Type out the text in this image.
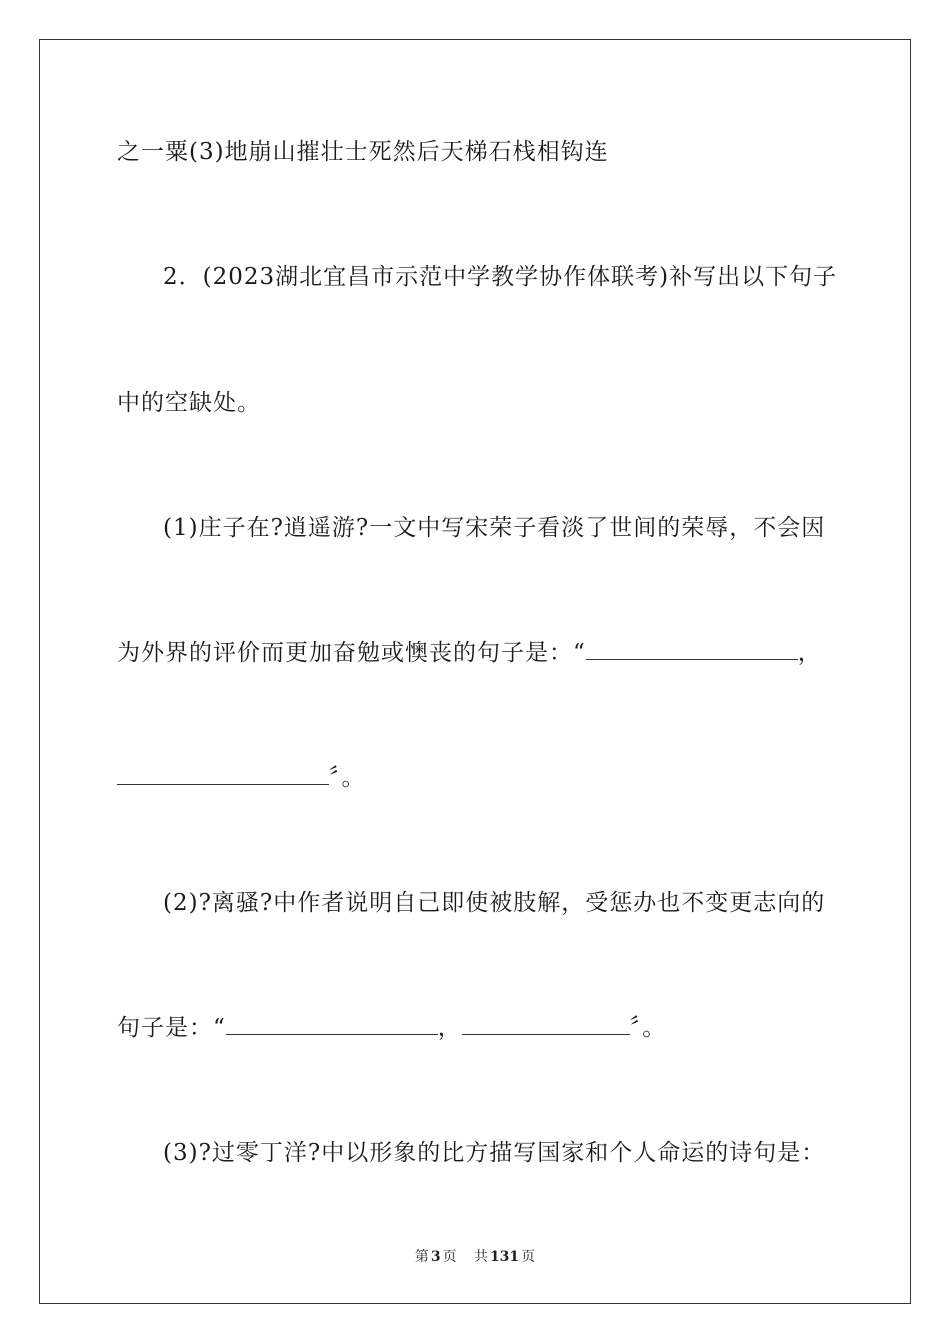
之一粟(3)地崩山摧壮士死然后天梯石栈相钩连
2．(2023湖北宜昌市示范中学教学协作体联考)补写出以下句子
中的空缺处。
(1)庄子在?逍遥游?一文中写宋荣子看淡了世间的荣辱，不会因
为外界的评价而更加奋勉或懊丧的句子是：“	，
〞。
(2)?离骚?中作者说明自己即使被肢解，受惩办也不变更志向的
句子是：“	，	〞。
(3)?过零丁洋?中以形象的比方描写国家和个人命运的诗句是：
第 3 页 共 131 页
